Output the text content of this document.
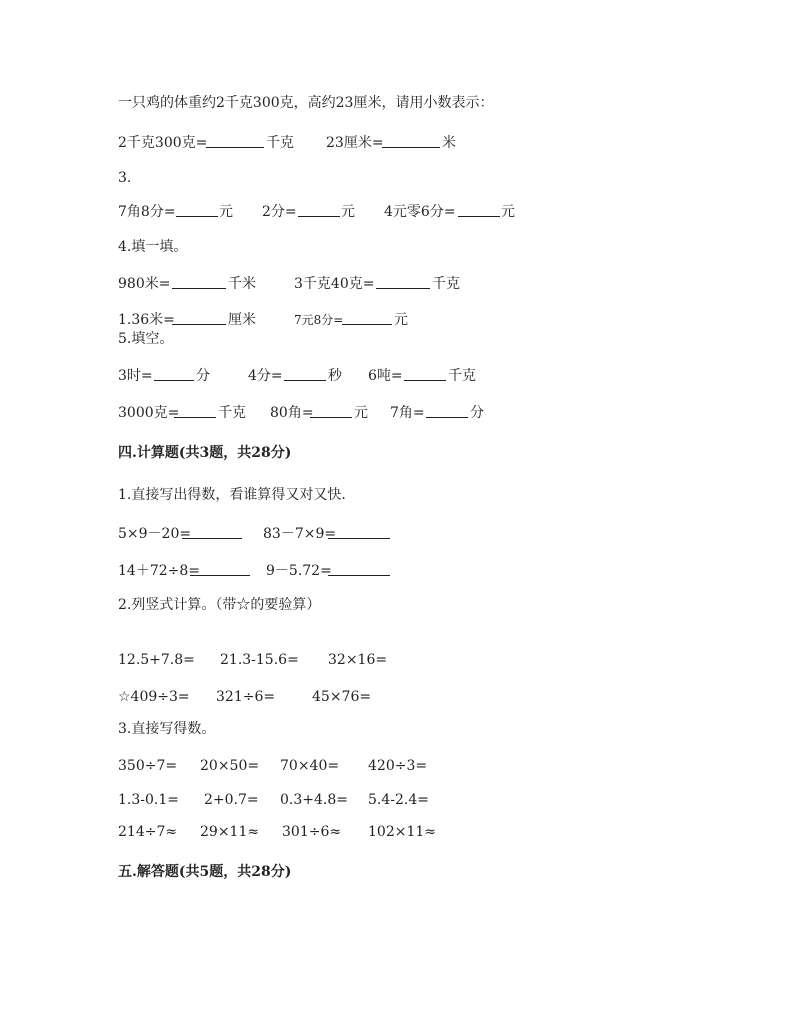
一只鸡的体重约2千克300克，高约23厘米，请用小数表示：

2千克300克=

	千克

23厘米=

	米

3.

7角8分=

	元

2分=

	元

4元零6分=

	元

4.填一填。

980米=

	千米

	3千克40克=

	千克

1.36米=

	厘米

	7元8分=

	元

5.填空。

3时=

	分

	4分=

	秒

6吨=

	千克

3000克=

	千克

80角=

	元

7角=

	分

四.计算题(共3题，共28分)
1.直接写出得数，看谁算得又对又快.

5×9－20=

	83－7×9=

14＋72÷8=

	9－5.72=

2.列竖式计算。（带☆的要验算）

12.5+7.8=

21.3-15.6=

32×16=

☆409÷3=

321÷6=

	45×76=

3.直接写得数。

350÷7=

20×50=

70×40=

420÷3=

1.3-0.1=

2+0.7=

0.3+4.8=

5.4-2.4=

214÷7≈

29×11≈

301÷6≈

102×11≈

五.解答题(共5题，共28分)
